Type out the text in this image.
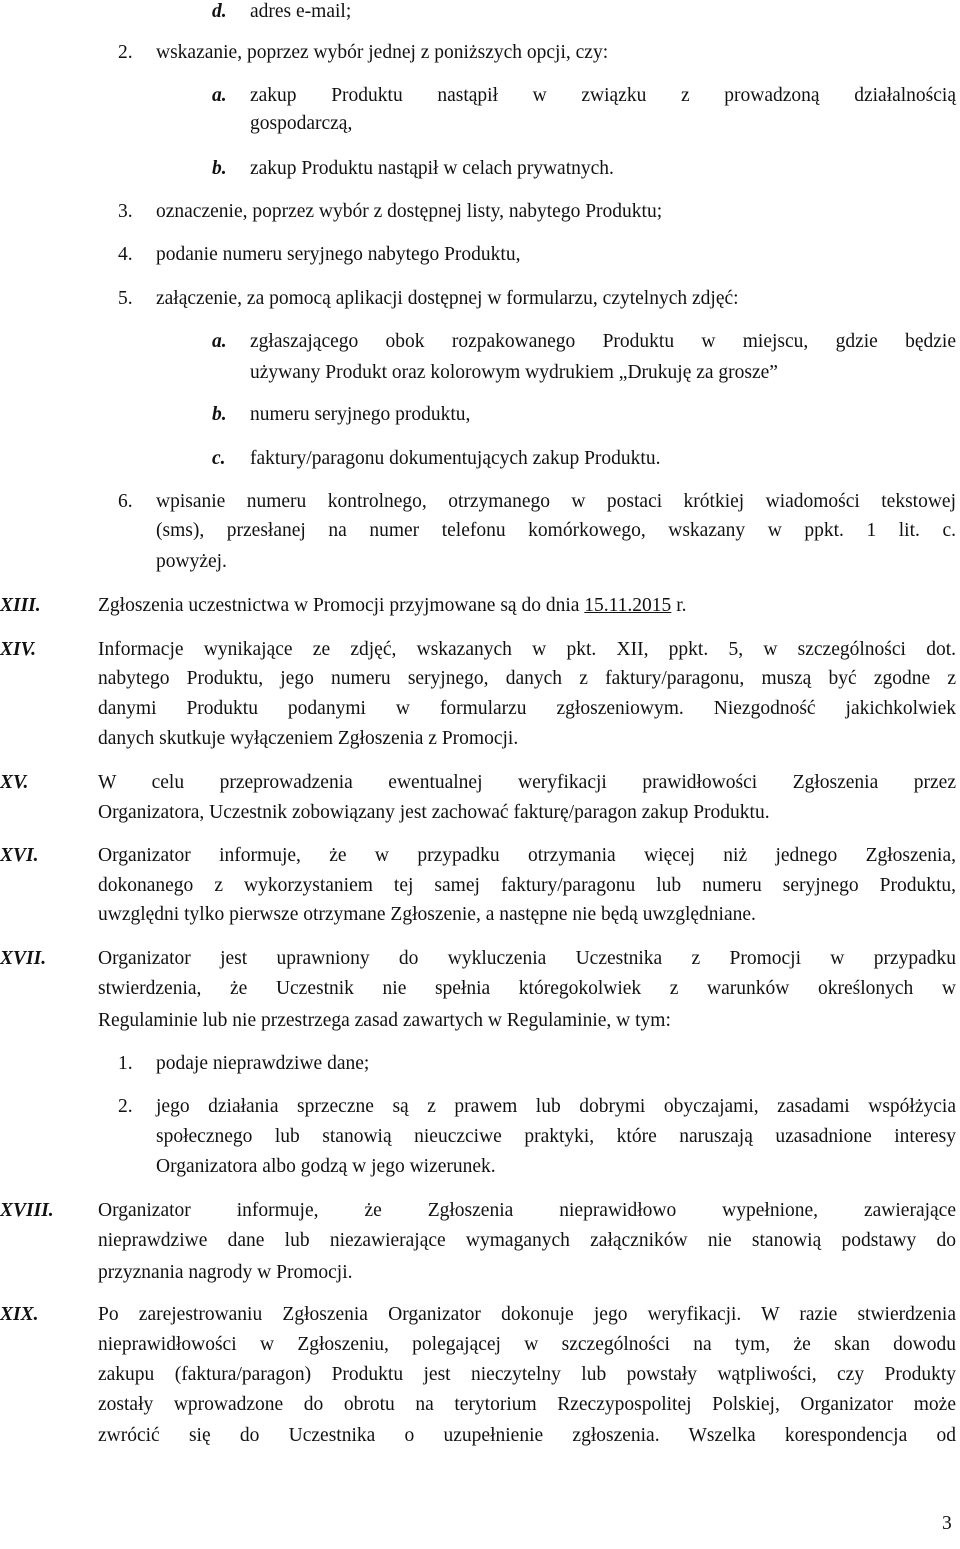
d. adres e-mail;
2. wskazanie, poprzez wybór jednej z poniższych opcji, czy:
a. zakup Produktu nastąpił w związku z prowadzoną działalnością
gospodarczą,
b. zakup Produktu nastąpił w celach prywatnych.
3. oznaczenie, poprzez wybór z dostępnej listy, nabytego Produktu;
4. podanie numeru seryjnego nabytego Produktu,
5. załączenie, za pomocą aplikacji dostępnej w formularzu, czytelnych zdjęć:
a. zgłaszającego obok rozpakowanego Produktu w miejscu, gdzie będzie
używany Produkt oraz kolorowym wydrukiem „Drukuję za grosze”
b. numeru seryjnego produktu,
c. faktury/paragonu dokumentujących zakup Produktu.
6. wpisanie numeru kontrolnego, otrzymanego w postaci krótkiej wiadomości tekstowej
(sms), przesłanej na numer telefonu komórkowego, wskazany w ppkt. 1 lit. c.
powyżej.
XIII.	Zgłoszenia uczestnictwa w Promocji przyjmowane są do dnia 15.11.2015 r.
XIV.	Informacje wynikające ze zdjęć, wskazanych w pkt. XII, ppkt. 5, w szczególności dot.
nabytego Produktu, jego numeru seryjnego, danych z faktury/paragonu, muszą być zgodne z
danymi Produktu podanymi w formularzu zgłoszeniowym. Niezgodność jakichkolwiek
danych skutkuje wyłączeniem Zgłoszenia z Promocji.
XV.	W celu przeprowadzenia ewentualnej weryfikacji prawidłowości Zgłoszenia przez
Organizatora, Uczestnik zobowiązany jest zachować fakturę/paragon zakup Produktu.
XVI.	Organizator informuje, że w przypadku otrzymania więcej niż jednego Zgłoszenia,
dokonanego z wykorzystaniem tej samej faktury/paragonu lub numeru seryjnego Produktu,
uwzględni tylko pierwsze otrzymane Zgłoszenie, a następne nie będą uwzględniane.
XVII.	Organizator jest uprawniony do wykluczenia Uczestnika z Promocji w przypadku
stwierdzenia, że Uczestnik nie spełnia któregokolwiek z warunków określonych w
Regulaminie lub nie przestrzega zasad zawartych w Regulaminie, w tym:
1. podaje nieprawdziwe dane;
2. jego działania sprzeczne są z prawem lub dobrymi obyczajami, zasadami współżycia
społecznego lub stanowią nieuczciwe praktyki, które naruszają uzasadnione interesy
Organizatora albo godzą w jego wizerunek.
XVIII. Organizator informuje, że Zgłoszenia nieprawidłowo wypełnione, zawierające
nieprawdziwe dane lub niezawierające wymaganych załączników nie stanowią podstawy do
przyznania nagrody w Promocji.
XIX.	Po zarejestrowaniu Zgłoszenia Organizator dokonuje jego weryfikacji. W razie stwierdzenia
nieprawidłowości w Zgłoszeniu, polegającej w szczególności na tym, że skan dowodu
zakupu (faktura/paragon) Produktu jest nieczytelny lub powstały wątpliwości, czy Produkty
zostały wprowadzone do obrotu na terytorium Rzeczypospolitej Polskiej, Organizator może
zwrócić się do Uczestnika o uzupełnienie zgłoszenia. Wszelka korespondencja od
3
